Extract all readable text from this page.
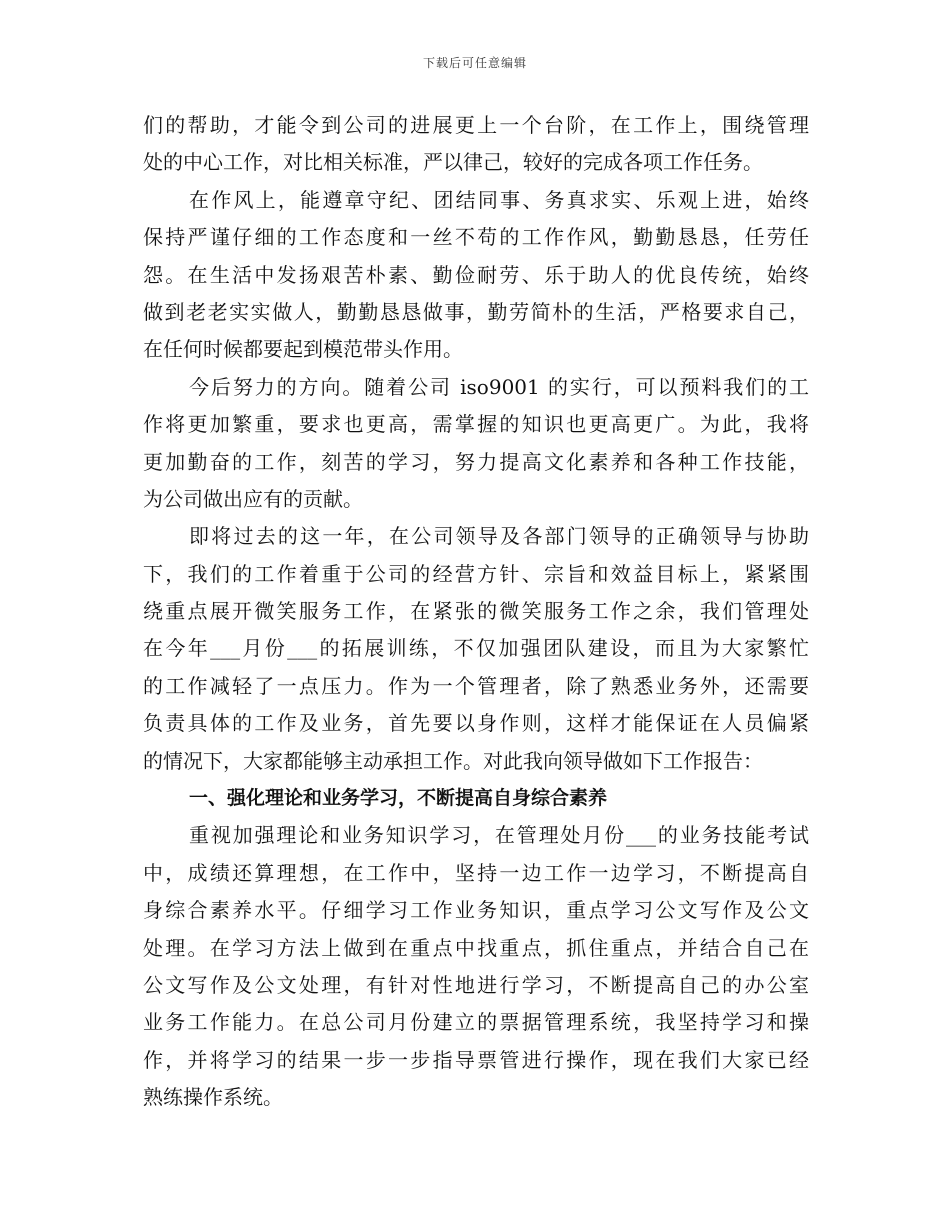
下载后可任意编辑
们的帮助，才能令到公司的进展更上一个台阶，在工作上，围绕管理
处的中心工作，对比相关标准，严以律己，较好的完成各项工作任务。
在作风上，能遵章守纪、团结同事、务真求实、乐观上进，始终
保持严谨仔细的工作态度和一丝不苟的工作作风，勤勤恳恳，任劳任
怨。在生活中发扬艰苦朴素、勤俭耐劳、乐于助人的优良传统，始终
做到老老实实做人，勤勤恳恳做事，勤劳简朴的生活，严格要求自己，
在任何时候都要起到模范带头作用。
今后努力的方向。随着公司 iso9001 的实行，可以预料我们的工
作将更加繁重，要求也更高，需掌握的知识也更高更广。为此，我将
更加勤奋的工作，刻苦的学习，努力提高文化素养和各种工作技能，
为公司做出应有的贡献。
即将过去的这一年，在公司领导及各部门领导的正确领导与协助
下，我们的工作着重于公司的经营方针、宗旨和效益目标上，紧紧围
绕重点展开微笑服务工作，在紧张的微笑服务工作之余，我们管理处
在今年___月份___的拓展训练，不仅加强团队建设，而且为大家繁忙
的工作减轻了一点压力。作为一个管理者，除了熟悉业务外，还需要
负责具体的工作及业务，首先要以身作则，这样才能保证在人员偏紧
的情况下，大家都能够主动承担工作。对此我向领导做如下工作报告：
一、强化理论和业务学习，不断提高自身综合素养
重视加强理论和业务知识学习，在管理处月份___的业务技能考试
中，成绩还算理想，在工作中，坚持一边工作一边学习，不断提高自
身综合素养水平。仔细学习工作业务知识，重点学习公文写作及公文
处理。在学习方法上做到在重点中找重点，抓住重点，并结合自己在
公文写作及公文处理，有针对性地进行学习，不断提高自己的办公室
业务工作能力。在总公司月份建立的票据管理系统，我坚持学习和操
作，并将学习的结果一步一步指导票管进行操作，现在我们大家已经
熟练操作系统。
